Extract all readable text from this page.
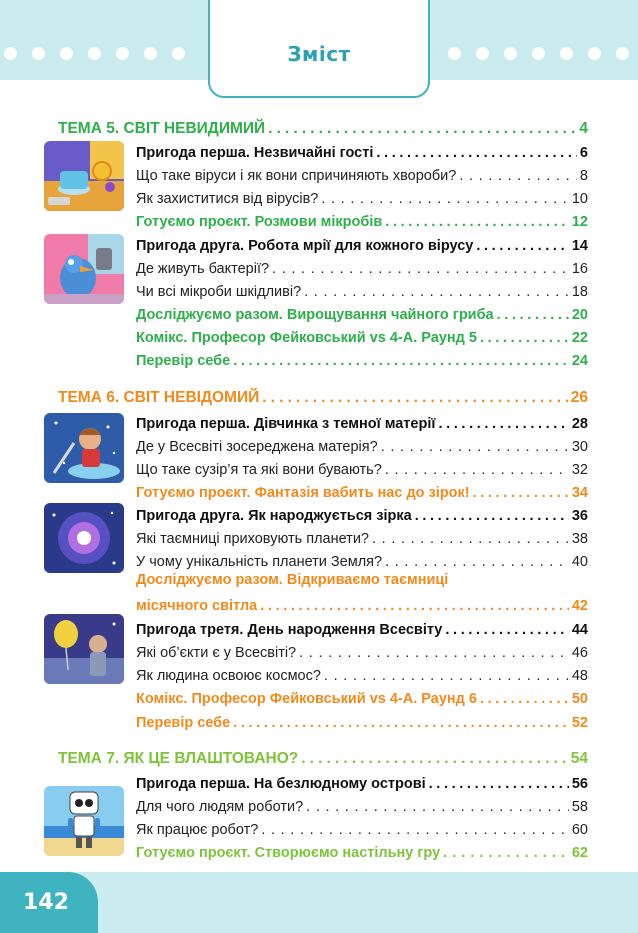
Зміст
ТЕМА 5. СВІТ НЕВИДИМИЙ . . .	4
Пригода перша. Незвичайні гості . . .	6
Що таке віруси і як вони спричиняють хвороби? . . .	8
Як захиститися від вірусів? . . .	10
Готуємо проєкт. Розмови мікробів . . .	12
Пригода друга. Робота мрії для кожного вірусу . . .	14
Де живуть бактерії? . . .	16
Чи всі мікроби шкідливі? . . .	18
Досліджуємо разом. Вирощування чайного гриба . . .	20
Комікс. Професор Фейковський vs 4-А. Раунд 5 . . .	22
Перевір себе . . .	24
ТЕМА 6. СВІТ НЕВІДОМИЙ . . .	26
Пригода перша. Дівчинка з темної матерії . . .	28
Де у Всесвіті зосереджена матерія? . . .	30
Що таке сузір’я та які вони бувають? . . .	32
Готуємо проєкт. Фантазія вабить нас до зірок! . . .	34
Пригода друга. Як народжується зірка . . .	36
Які таємниці приховують планети? . . .	38
У чому унікальність планети Земля? . . .	40
Досліджуємо разом. Відкриваємо таємниці
місячного світла . . .	42
Пригода третя. День народження Всесвіту . . .	44
Які об’єкти є у Всесвіті? . . .	46
Як людина освоює космос? . . .	48
Комікс. Професор Фейковський vs 4-А. Раунд 6 . . .	50
Перевір себе . . .	52
ТЕМА 7. ЯК ЦЕ ВЛАШТОВАНО? . . .	54
Пригода перша. На безлюдному острові . . .	56
Для чого людям роботи? . . .	58
Як працює робот? . . .	60
Готуємо проєкт. Створюємо настільну гру . . .	62
142
